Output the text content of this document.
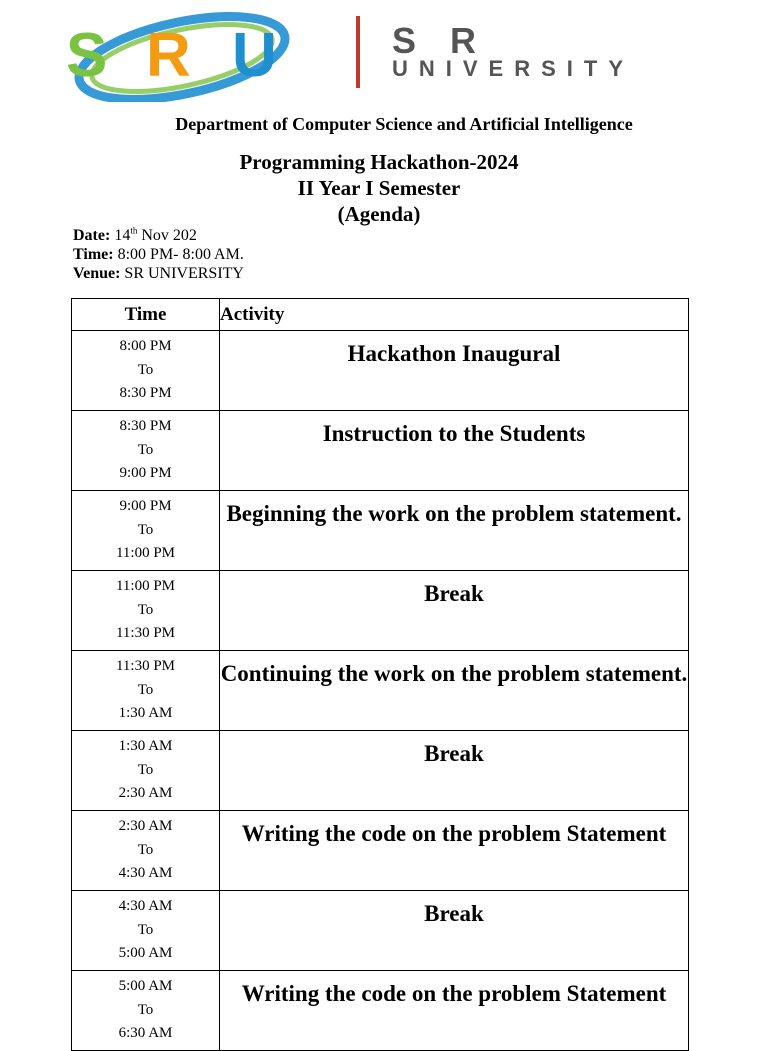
S R U	S R
UNIVERSITY
Department of Computer Science and Artificial Intelligence
Programming Hackathon-2024
II Year I Semester
(Agenda)
Date: 14th Nov 202
Time: 8:00 PM- 8:00 AM.
Venue: SR UNIVERSITY
Time	Activity

8:00 PM
To
8:30 PM	Hackathon Inaugural

8:30 PM
To
9:00 PM	Instruction to the Students

9:00 PM
To
11:00 PM	Beginning the work on the problem statement.

11:00 PM
To
11:30 PM	Break

11:30 PM
To
1:30 AM	Continuing the work on the problem statement.

1:30 AM
To
2:30 AM	Break

2:30 AM
To
4:30 AM	Writing the code on the problem Statement

4:30 AM
To
5:00 AM	Break

5:00 AM
To
6:30 AM	Writing the code on the problem Statement
